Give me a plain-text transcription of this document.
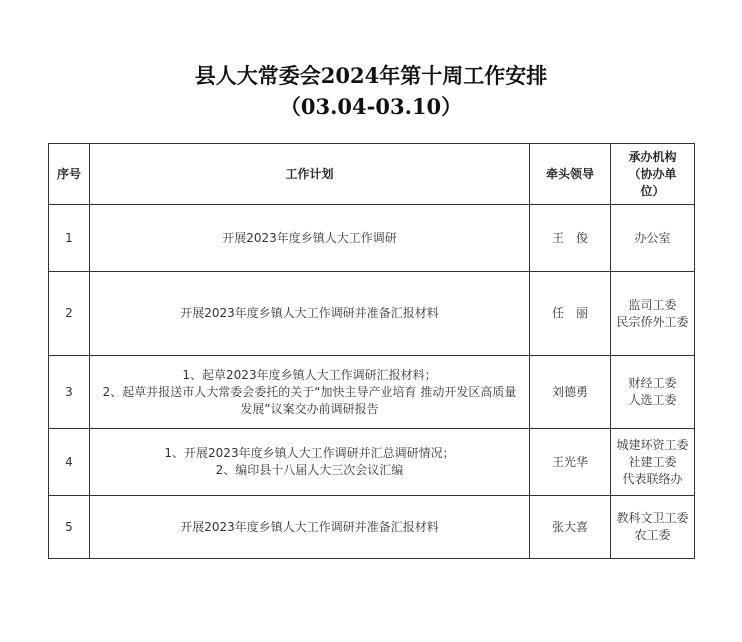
县人大常委会2024年第十周工作安排
（03.04-03.10）
序号	工作计划	牵头领导	承办机构
（协办单
位）

1	开展2023年度乡镇人大工作调研	王　俊	办公室

2	开展2023年度乡镇人大工作调研并准备汇报材料	任　丽	监司工委
民宗侨外工委

3	1、起草2023年度乡镇人大工作调研汇报材料；
2、起草并报送市人大常委会委托的关于“加快主导产业培育 推动开发区高质量
发展”议案交办前调研报告	刘德勇	财经工委
人选工委

4	1、开展2023年度乡镇人大工作调研并汇总调研情况；
2、编印县十八届人大三次会议汇编	王光华	城建环资工委
社建工委
代表联络办

5	开展2023年度乡镇人大工作调研并准备汇报材料	张大喜	教科文卫工委
农工委
